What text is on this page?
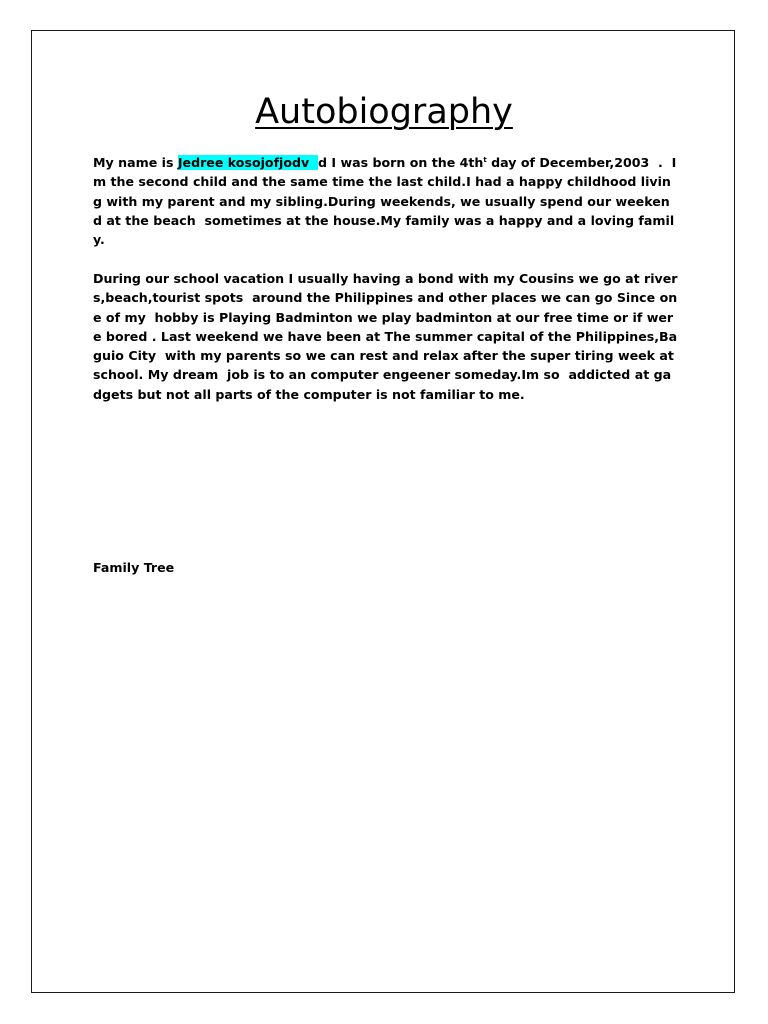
Autobiography

My name is Jedree kosojofjodv  d I was born on the $4th^t$ day of December,2003  .  Im the second child and the same time the last child.I had a happy childhood living with my parent and my sibling.During weekends, we usually spend our weekend at the beach  sometimes at the house.My family was a happy and a loving family.

During our school vacation I usually having a bond with my Cousins we go at rivers,beach,tourist spots  around the Philippines and other places we can go Since one of my  hobby is Playing Badminton we play badminton at our free time or if were bored . Last weekend we have been at The summer capital of the Philippines,Baguio City  with my parents so we can rest and relax after the super tiring week at school. My dream  job is to an computer engeener someday.Im so  addicted at gadgets but not all parts of the computer is not familiar to me.

Family Tree
